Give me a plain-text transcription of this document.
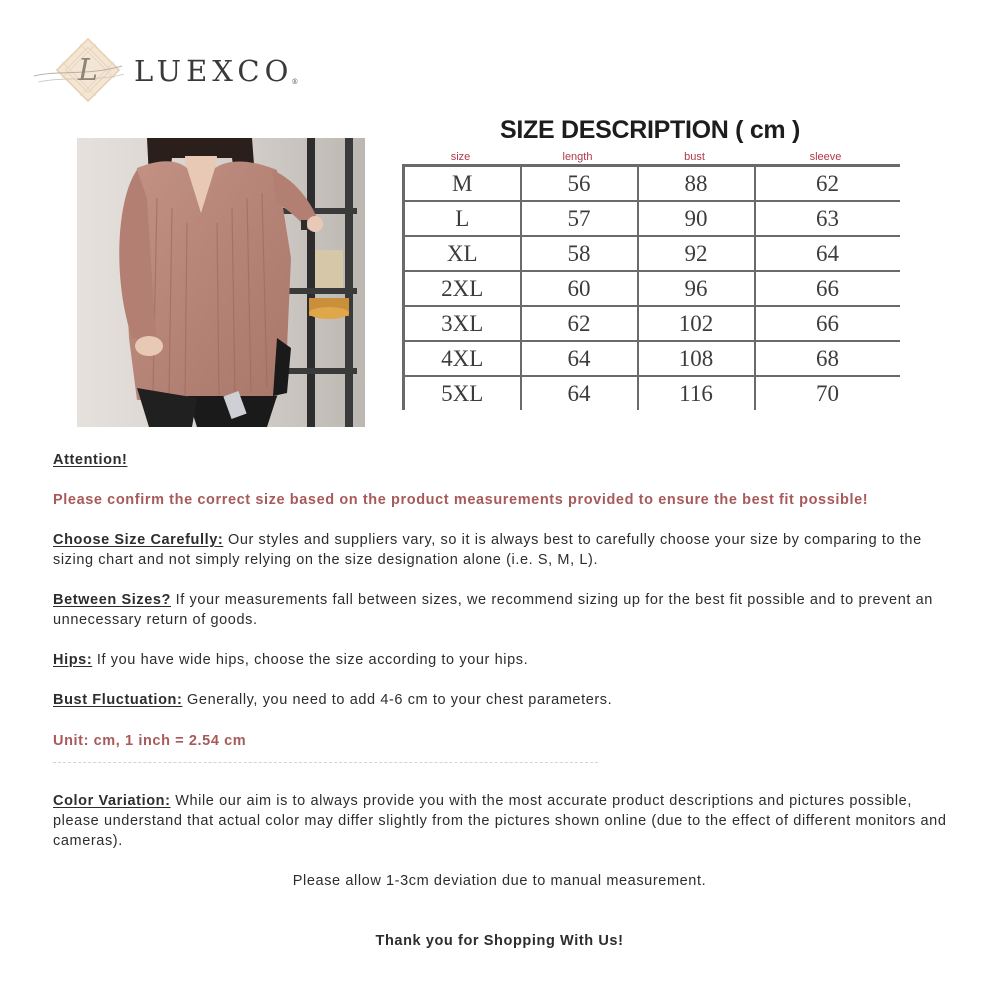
L LUEXCO®
SIZE DESCRIPTION ( cm )
size	length	bust	sleeve
M	56	88	62
L	57	90	63
XL	58	92	64
2XL	60	96	66
3XL	62	102	66
4XL	64	108	68
5XL	64	116	70

Attention!

Please confirm the correct size based on the product measurements provided to ensure the best fit possible!

Choose Size Carefully: Our styles and suppliers vary, so it is always best to carefully choose your size by comparing to the sizing chart and not simply relying on the size designation alone (i.e. S, M, L).

Between Sizes? If your measurements fall between sizes, we recommend sizing up for the best fit possible and to prevent an unnecessary return of goods.

Hips: If you have wide hips, choose the size according to your hips.

Bust Fluctuation: Generally, you need to add 4-6 cm to your chest parameters.

Unit: cm, 1 inch = 2.54 cm

Color Variation: While our aim is to always provide you with the most accurate product descriptions and pictures possible, please understand that actual color may differ slightly from the pictures shown online (due to the effect of different monitors and cameras).

Please allow 1-3cm deviation due to manual measurement.

Thank you for Shopping With Us!
